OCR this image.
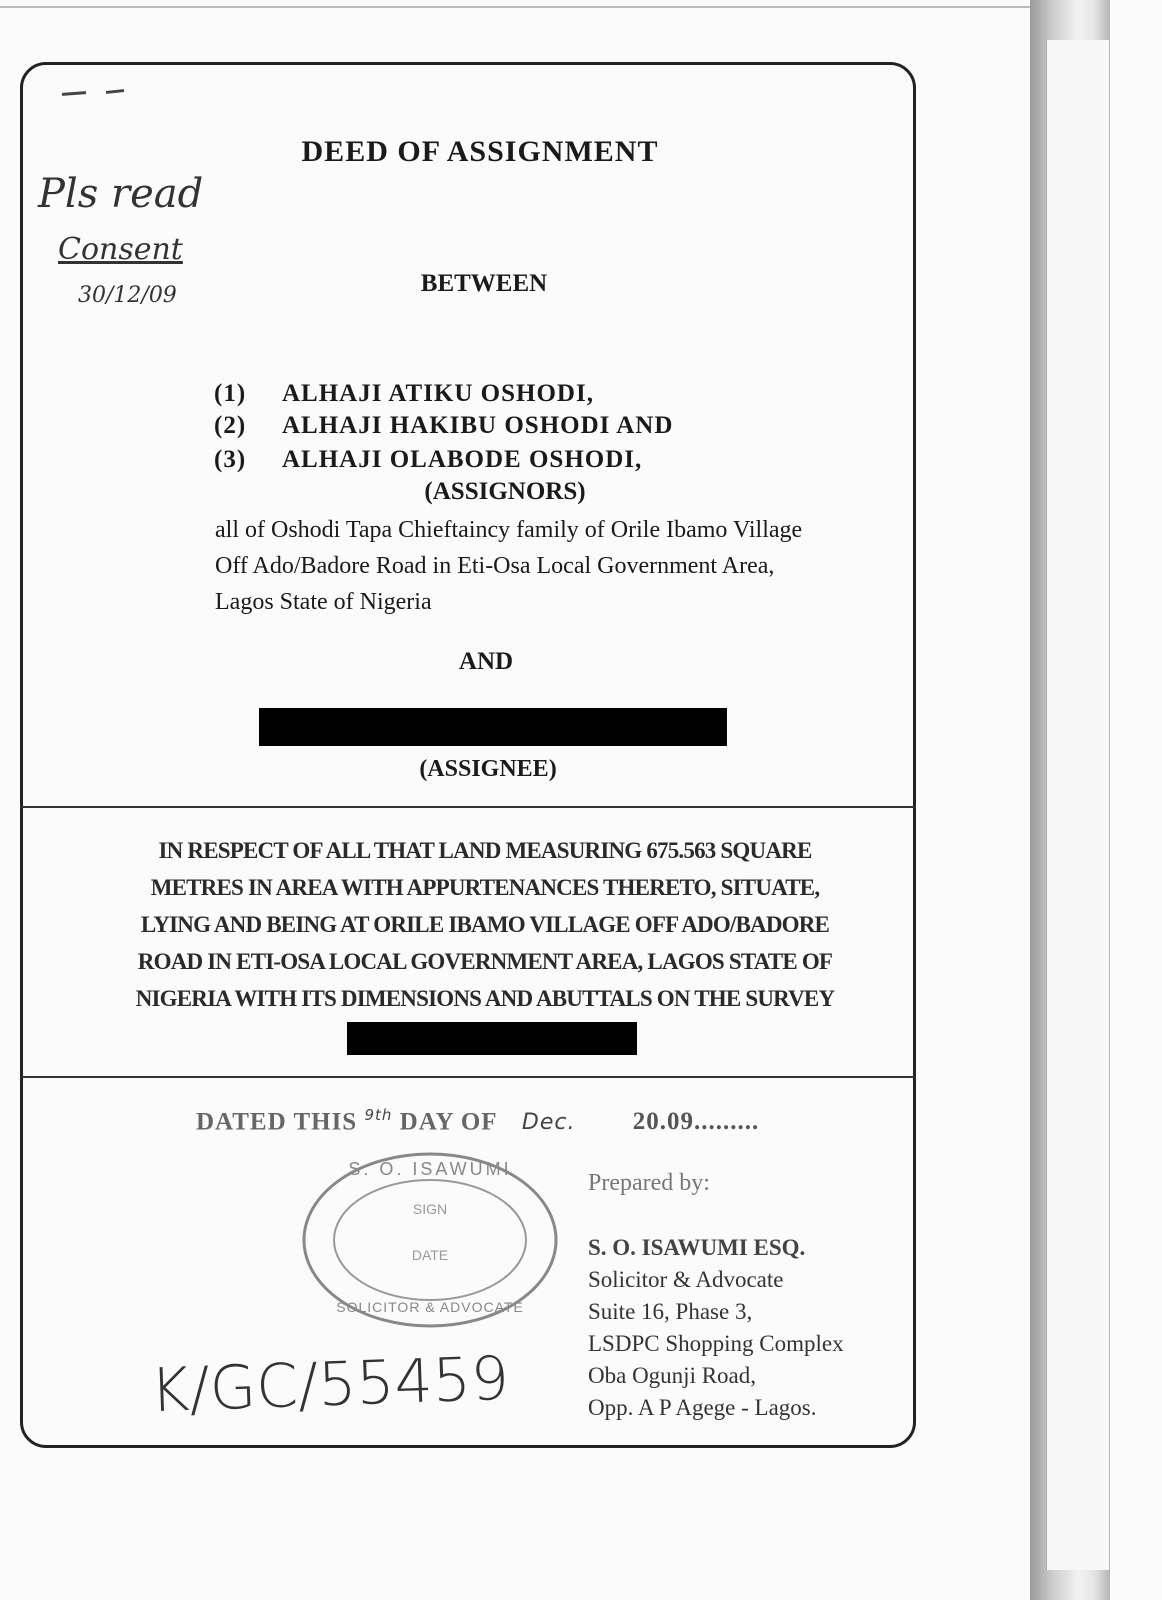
DEED OF ASSIGNMENT
Pls read
Consent
30/12/09	BETWEEN
(1) ALHAJI ATIKU OSHODI,
(2) ALHAJI HAKIBU OSHODI AND
(3) ALHAJI OLABODE OSHODI,
(ASSIGNORS)
all of Oshodi Tapa Chieftaincy family of Orile Ibamo Village
Off Ado/Badore Road in Eti-Osa Local Government Area,
Lagos State of Nigeria
AND
(ASSIGNEE)
IN RESPECT OF ALL THAT LAND MEASURING 675.563 SQUARE
METRES IN AREA WITH APPURTENANCES THERETO, SITUATE,
LYING AND BEING AT ORILE IBAMO VILLAGE OFF ADO/BADORE
ROAD IN ETI-OSA LOCAL GOVERNMENT AREA, LAGOS STATE OF
NIGERIA WITH ITS DIMENSIONS AND ABUTTALS ON THE SURVEY
DATED THIS $^{9th}$ DAY OF Dec. 20.09.........
S. O. ISAWUMI
SIGN
DATE
SOLICITOR & ADVOCATE
Prepared by:
S. O. ISAWUMI ESQ.
Solicitor & Advocate
Suite 16, Phase 3,
LSDPC Shopping Complex
Oba Ogunji Road,
Opp. A P Agege - Lagos.
K/GC/55459
